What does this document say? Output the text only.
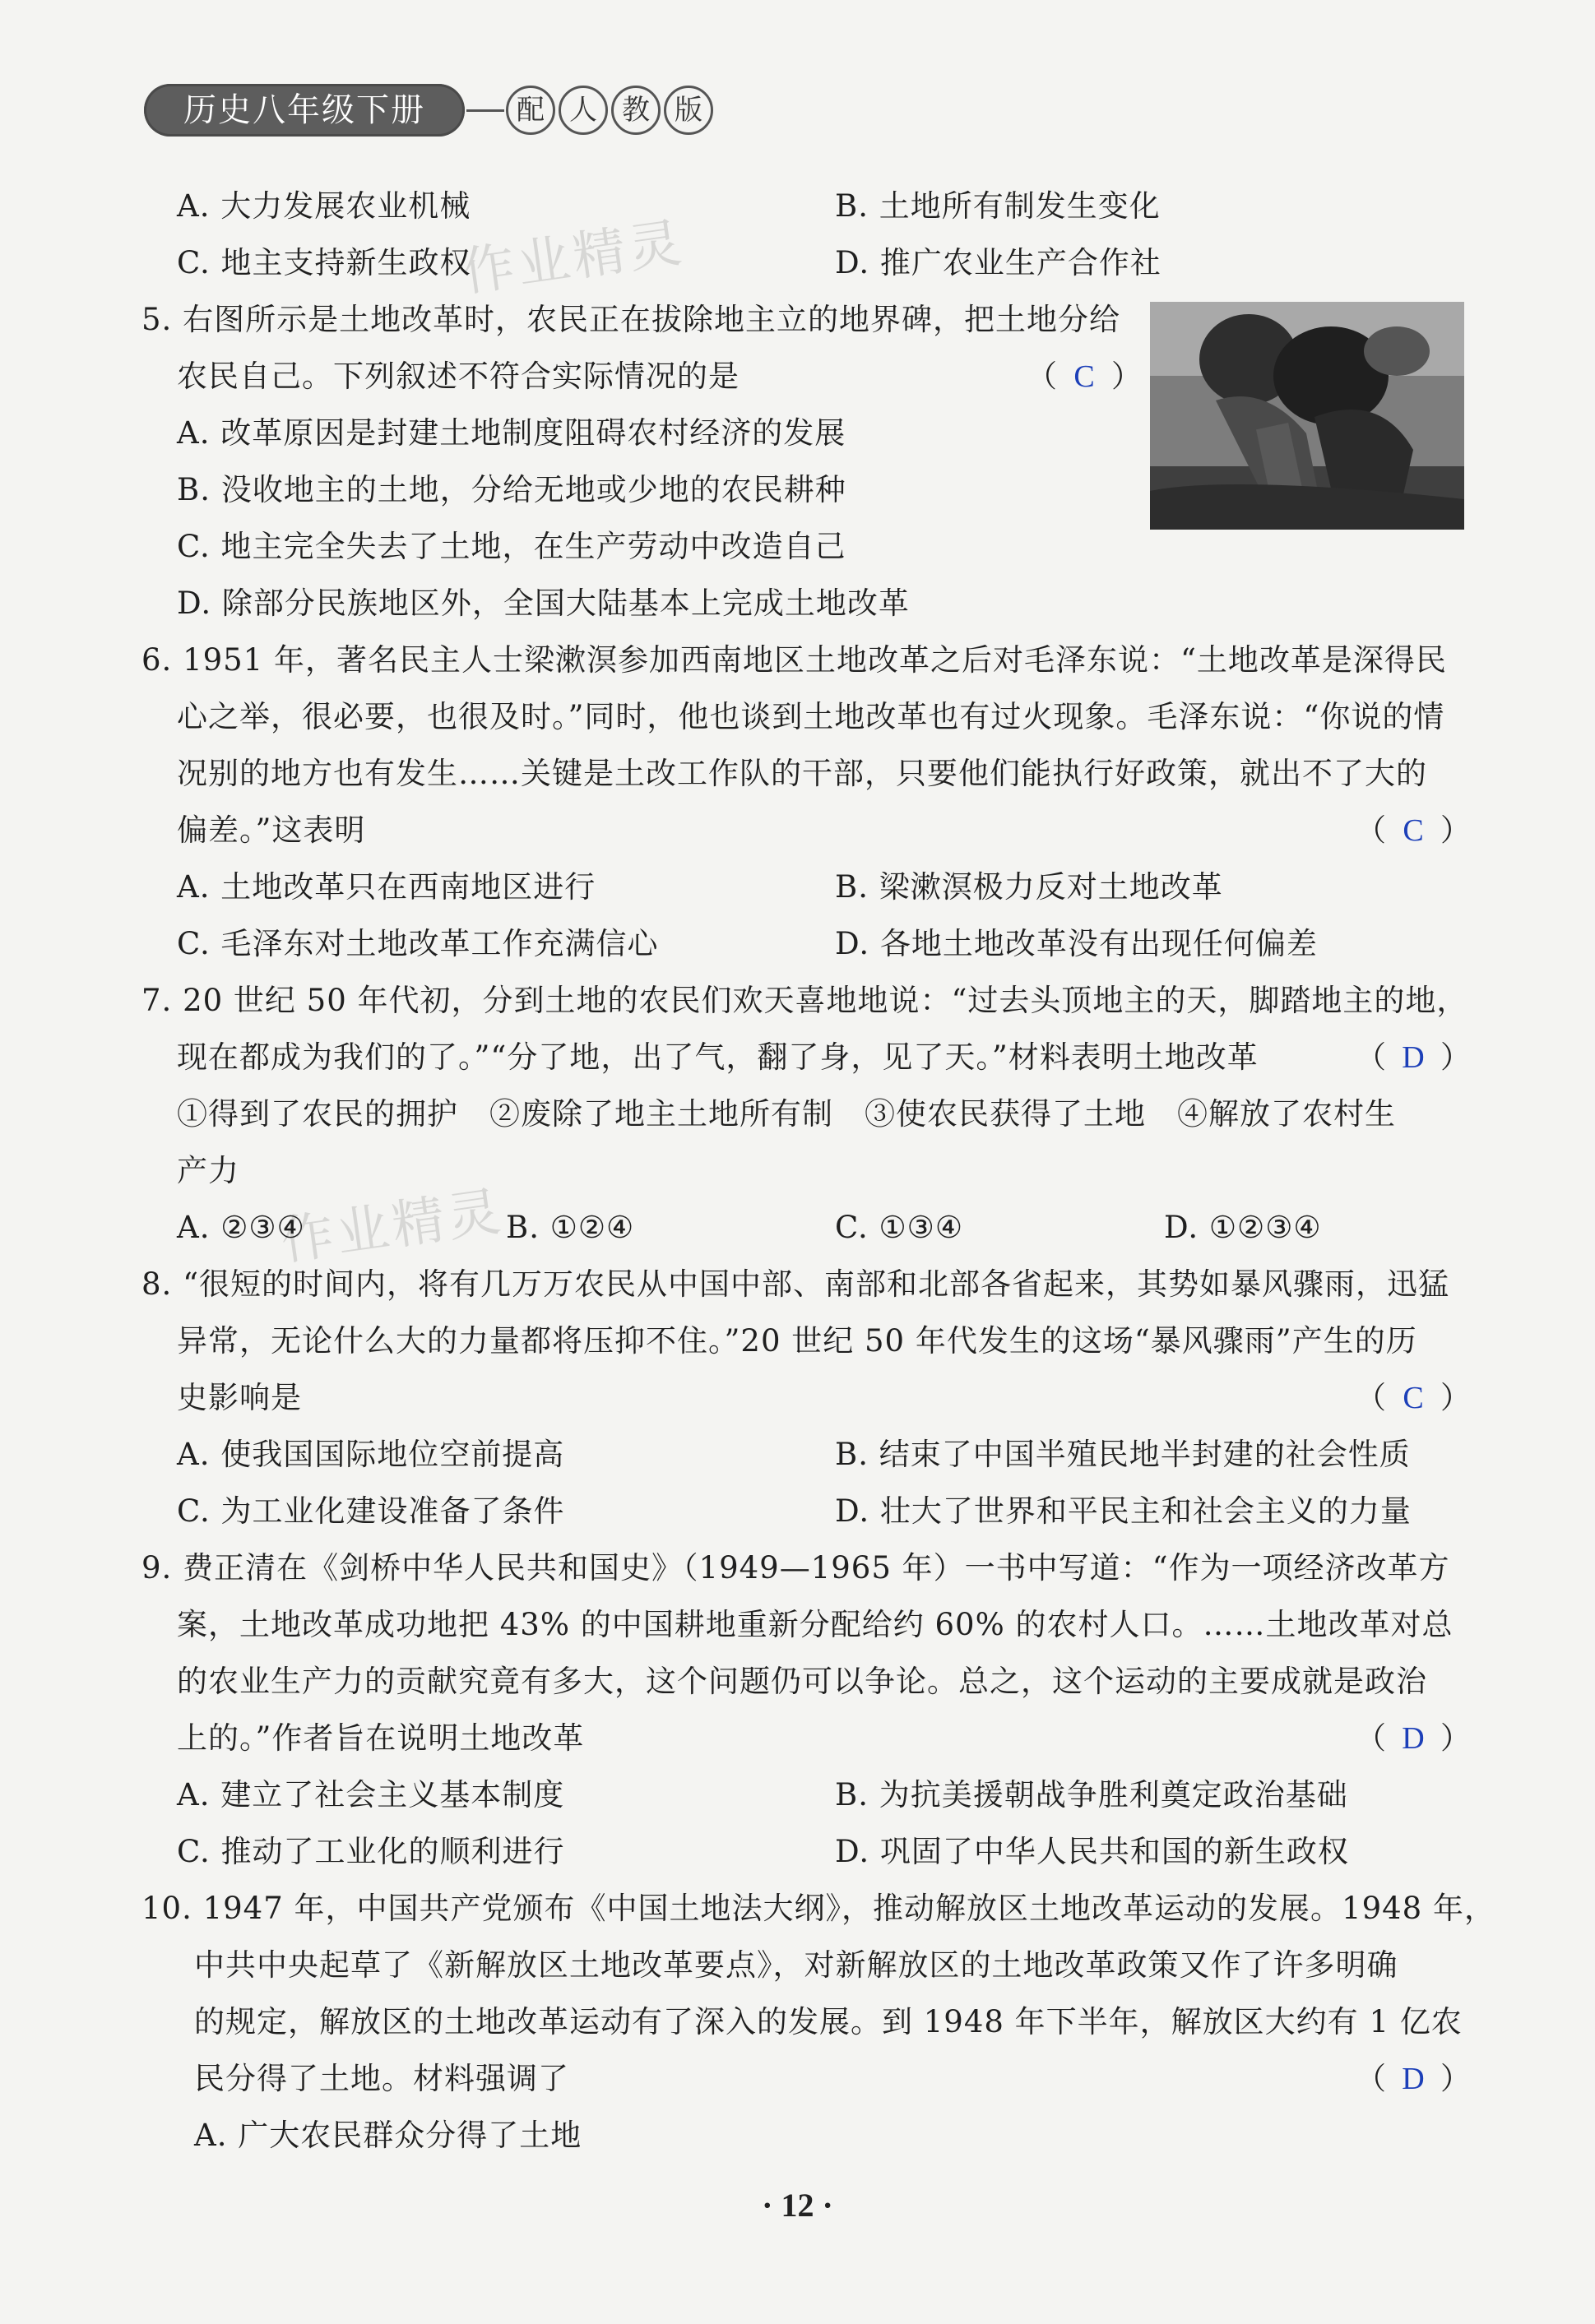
历史八年级下册	配 人 教 版
作业精灵
作业精灵
A. 大力发展农业机械	B. 土地所有制发生变化
C. 地主支持新生政权	D. 推广农业生产合作社
5. 右图所示是土地改革时，农民正在拔除地主立的地界碑，把土地分给
农民自己。下列叙述不符合实际情况的是	（ C ）
A. 改革原因是封建土地制度阻碍农村经济的发展
B. 没收地主的土地，分给无地或少地的农民耕种
C. 地主完全失去了土地，在生产劳动中改造自己
D. 除部分民族地区外，全国大陆基本上完成土地改革
6. 1951 年，著名民主人士梁漱溟参加西南地区土地改革之后对毛泽东说：“土地改革是深得民
心之举，很必要，也很及时。”同时，他也谈到土地改革也有过火现象。毛泽东说：“你说的情
况别的地方也有发生……关键是土改工作队的干部，只要他们能执行好政策，就出不了大的
偏差。”这表明	（ C ）
A. 土地改革只在西南地区进行	B. 梁漱溟极力反对土地改革
C. 毛泽东对土地改革工作充满信心	D. 各地土地改革没有出现任何偏差
7. 20 世纪 50 年代初，分到土地的农民们欢天喜地地说：“过去头顶地主的天，脚踏地主的地，
现在都成为我们的了。”“分了地，出了气，翻了身，见了天。”材料表明土地改革	（ D ）
①得到了农民的拥护　②废除了地主土地所有制　③使农民获得了土地　④解放了农村生
产力
A. ②③④	B. ①②④	C. ①③④	D. ①②③④
8. “很短的时间内，将有几万万农民从中国中部、南部和北部各省起来，其势如暴风骤雨，迅猛
异常，无论什么大的力量都将压抑不住。”20 世纪 50 年代发生的这场“暴风骤雨”产生的历
史影响是	（ C ）
A. 使我国国际地位空前提高	B. 结束了中国半殖民地半封建的社会性质
C. 为工业化建设准备了条件	D. 壮大了世界和平民主和社会主义的力量
9. 费正清在《剑桥中华人民共和国史》（1949—1965 年）一书中写道：“作为一项经济改革方
案，土地改革成功地把 43% 的中国耕地重新分配给约 60% 的农村人口。……土地改革对总
的农业生产力的贡献究竟有多大，这个问题仍可以争论。总之，这个运动的主要成就是政治
上的。”作者旨在说明土地改革	（ D ）
A. 建立了社会主义基本制度	B. 为抗美援朝战争胜利奠定政治基础
C. 推动了工业化的顺利进行	D. 巩固了中华人民共和国的新生政权
10. 1947 年，中国共产党颁布《中国土地法大纲》，推动解放区土地改革运动的发展。1948 年，
中共中央起草了《新解放区土地改革要点》，对新解放区的土地改革政策又作了许多明确
的规定，解放区的土地改革运动有了深入的发展。到 1948 年下半年，解放区大约有 1 亿农
民分得了土地。材料强调了	（ D ）
A. 广大农民群众分得了土地
· 12 ·
